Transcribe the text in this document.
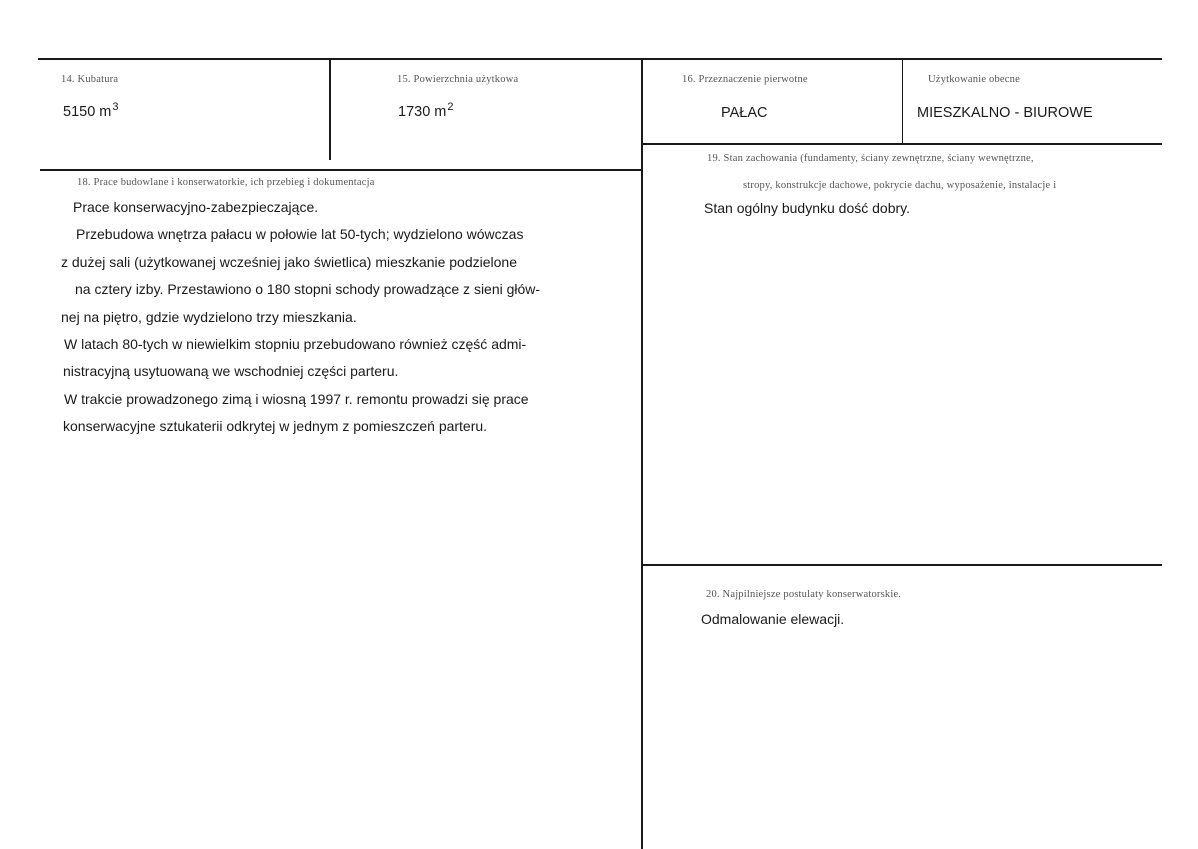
14. Kubatura
5150 $m^3$
15. Powierzchnia użytkowa
1730 $m^2$
16. Przeznaczenie pierwotne
PAŁAC
Użytkowanie obecne
MIESZKALNO - BIUROWE
18. Prace budowlane i konserwatorkie, ich przebieg i dokumentacja
Prace konserwacyjno-zabezpieczające.
Przebudowa wnętrza pałacu w połowie lat 50-tych; wydzielono wówczas
z dużej sali (użytkowanej wcześniej jako świetlica) mieszkanie podzielone
na cztery izby. Przestawiono o 180 stopni schody prowadzące z sieni głów-
nej na piętro, gdzie wydzielono trzy mieszkania.
W latach 80-tych w niewielkim stopniu przebudowano również część admi-
nistracyjną usytuowaną we wschodniej części parteru.
W trakcie prowadzonego zimą i wiosną 1997 r. remontu prowadzi się prace
konserwacyjne sztukaterii odkrytej w jednym z pomieszczeń parteru.
19. Stan zachowania (fundamenty, ściany zewnętrzne, ściany wewnętrzne,
stropy, konstrukcje dachowe, pokrycie dachu, wyposażenie, instalacje i
Stan ogólny budynku dość dobry.
20. Najpilniejsze postulaty konserwatorskie.
Odmalowanie elewacji.
